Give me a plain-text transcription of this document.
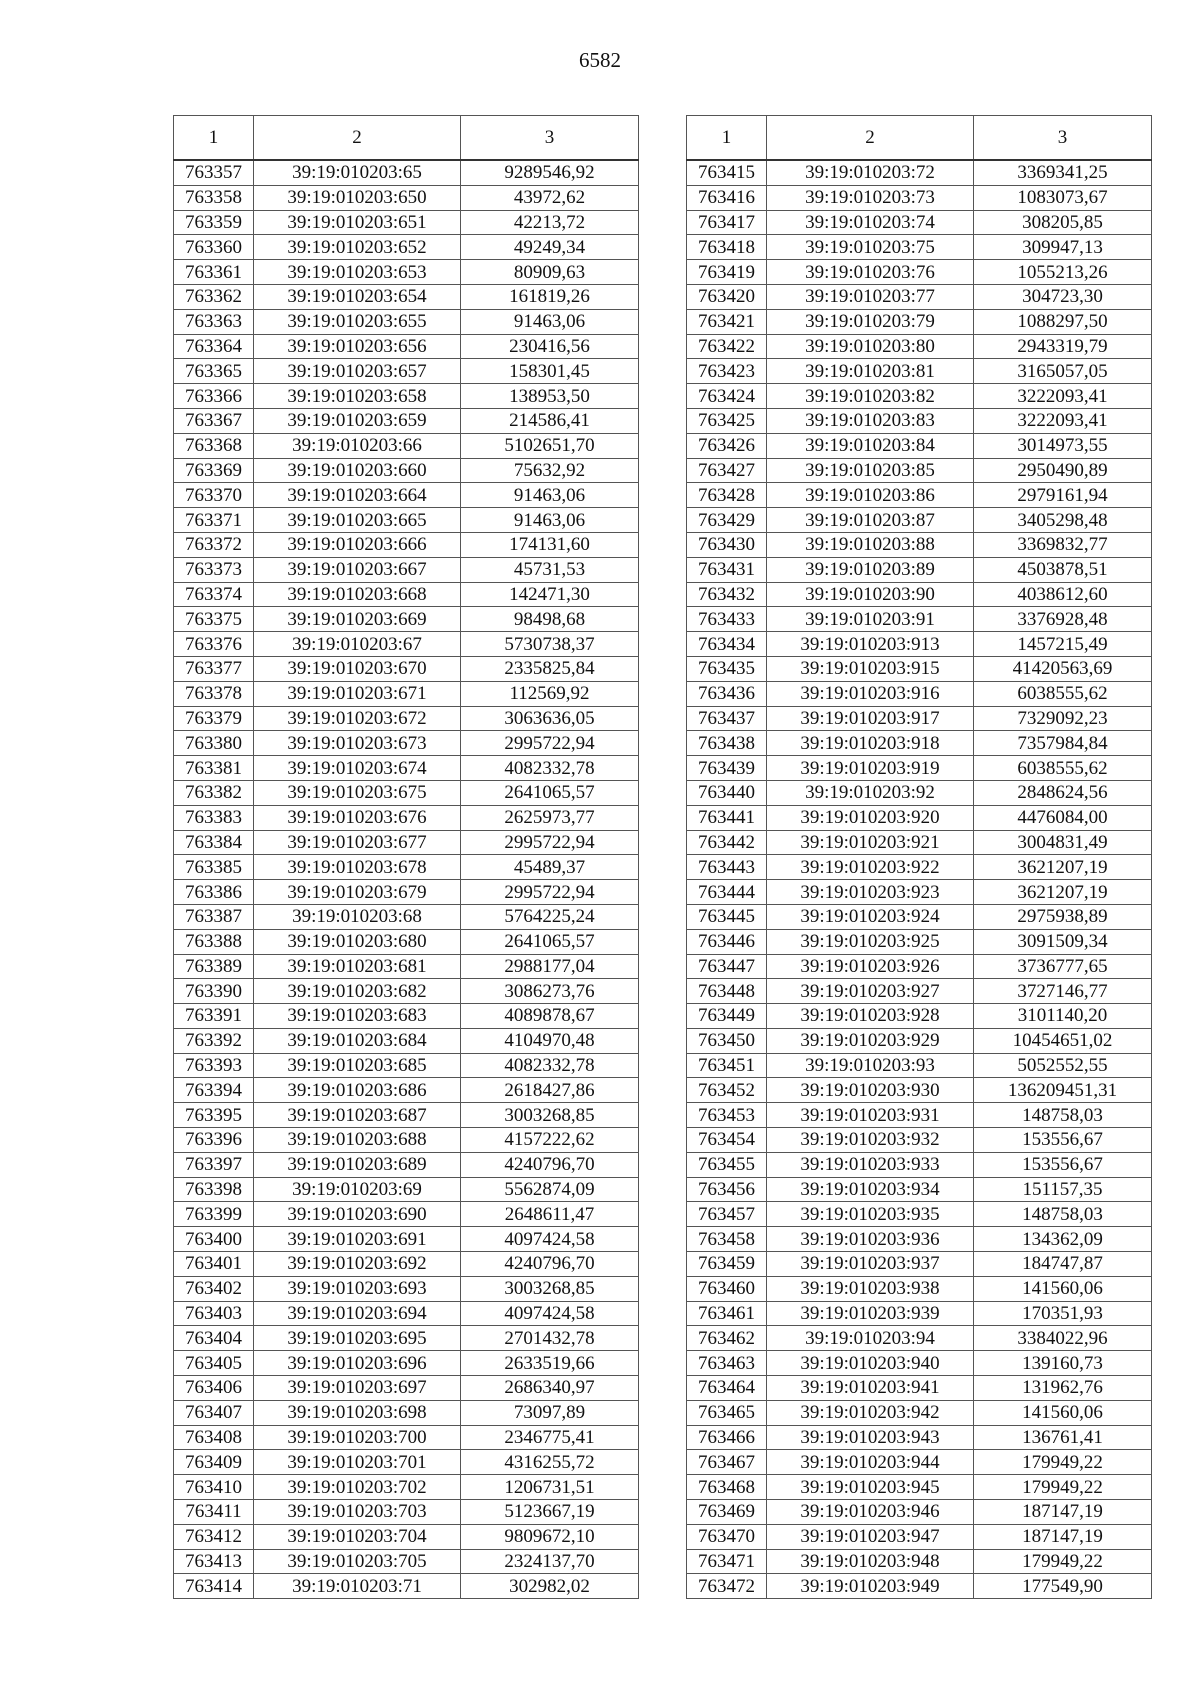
6582
1	2	3
763357	39:19:010203:65	9289546,92
763358	39:19:010203:650	43972,62
763359	39:19:010203:651	42213,72
763360	39:19:010203:652	49249,34
763361	39:19:010203:653	80909,63
763362	39:19:010203:654	161819,26
763363	39:19:010203:655	91463,06
763364	39:19:010203:656	230416,56
763365	39:19:010203:657	158301,45
763366	39:19:010203:658	138953,50
763367	39:19:010203:659	214586,41
763368	39:19:010203:66	5102651,70
763369	39:19:010203:660	75632,92
763370	39:19:010203:664	91463,06
763371	39:19:010203:665	91463,06
763372	39:19:010203:666	174131,60
763373	39:19:010203:667	45731,53
763374	39:19:010203:668	142471,30
763375	39:19:010203:669	98498,68
763376	39:19:010203:67	5730738,37
763377	39:19:010203:670	2335825,84
763378	39:19:010203:671	112569,92
763379	39:19:010203:672	3063636,05
763380	39:19:010203:673	2995722,94
763381	39:19:010203:674	4082332,78
763382	39:19:010203:675	2641065,57
763383	39:19:010203:676	2625973,77
763384	39:19:010203:677	2995722,94
763385	39:19:010203:678	45489,37
763386	39:19:010203:679	2995722,94
763387	39:19:010203:68	5764225,24
763388	39:19:010203:680	2641065,57
763389	39:19:010203:681	2988177,04
763390	39:19:010203:682	3086273,76
763391	39:19:010203:683	4089878,67
763392	39:19:010203:684	4104970,48
763393	39:19:010203:685	4082332,78
763394	39:19:010203:686	2618427,86
763395	39:19:010203:687	3003268,85
763396	39:19:010203:688	4157222,62
763397	39:19:010203:689	4240796,70
763398	39:19:010203:69	5562874,09
763399	39:19:010203:690	2648611,47
763400	39:19:010203:691	4097424,58
763401	39:19:010203:692	4240796,70
763402	39:19:010203:693	3003268,85
763403	39:19:010203:694	4097424,58
763404	39:19:010203:695	2701432,78
763405	39:19:010203:696	2633519,66
763406	39:19:010203:697	2686340,97
763407	39:19:010203:698	73097,89
763408	39:19:010203:700	2346775,41
763409	39:19:010203:701	4316255,72
763410	39:19:010203:702	1206731,51
763411	39:19:010203:703	5123667,19
763412	39:19:010203:704	9809672,10
763413	39:19:010203:705	2324137,70
763414	39:19:010203:71	302982,02
1	2	3
763415	39:19:010203:72	3369341,25
763416	39:19:010203:73	1083073,67
763417	39:19:010203:74	308205,85
763418	39:19:010203:75	309947,13
763419	39:19:010203:76	1055213,26
763420	39:19:010203:77	304723,30
763421	39:19:010203:79	1088297,50
763422	39:19:010203:80	2943319,79
763423	39:19:010203:81	3165057,05
763424	39:19:010203:82	3222093,41
763425	39:19:010203:83	3222093,41
763426	39:19:010203:84	3014973,55
763427	39:19:010203:85	2950490,89
763428	39:19:010203:86	2979161,94
763429	39:19:010203:87	3405298,48
763430	39:19:010203:88	3369832,77
763431	39:19:010203:89	4503878,51
763432	39:19:010203:90	4038612,60
763433	39:19:010203:91	3376928,48
763434	39:19:010203:913	1457215,49
763435	39:19:010203:915	41420563,69
763436	39:19:010203:916	6038555,62
763437	39:19:010203:917	7329092,23
763438	39:19:010203:918	7357984,84
763439	39:19:010203:919	6038555,62
763440	39:19:010203:92	2848624,56
763441	39:19:010203:920	4476084,00
763442	39:19:010203:921	3004831,49
763443	39:19:010203:922	3621207,19
763444	39:19:010203:923	3621207,19
763445	39:19:010203:924	2975938,89
763446	39:19:010203:925	3091509,34
763447	39:19:010203:926	3736777,65
763448	39:19:010203:927	3727146,77
763449	39:19:010203:928	3101140,20
763450	39:19:010203:929	10454651,02
763451	39:19:010203:93	5052552,55
763452	39:19:010203:930	136209451,31
763453	39:19:010203:931	148758,03
763454	39:19:010203:932	153556,67
763455	39:19:010203:933	153556,67
763456	39:19:010203:934	151157,35
763457	39:19:010203:935	148758,03
763458	39:19:010203:936	134362,09
763459	39:19:010203:937	184747,87
763460	39:19:010203:938	141560,06
763461	39:19:010203:939	170351,93
763462	39:19:010203:94	3384022,96
763463	39:19:010203:940	139160,73
763464	39:19:010203:941	131962,76
763465	39:19:010203:942	141560,06
763466	39:19:010203:943	136761,41
763467	39:19:010203:944	179949,22
763468	39:19:010203:945	179949,22
763469	39:19:010203:946	187147,19
763470	39:19:010203:947	187147,19
763471	39:19:010203:948	179949,22
763472	39:19:010203:949	177549,90
